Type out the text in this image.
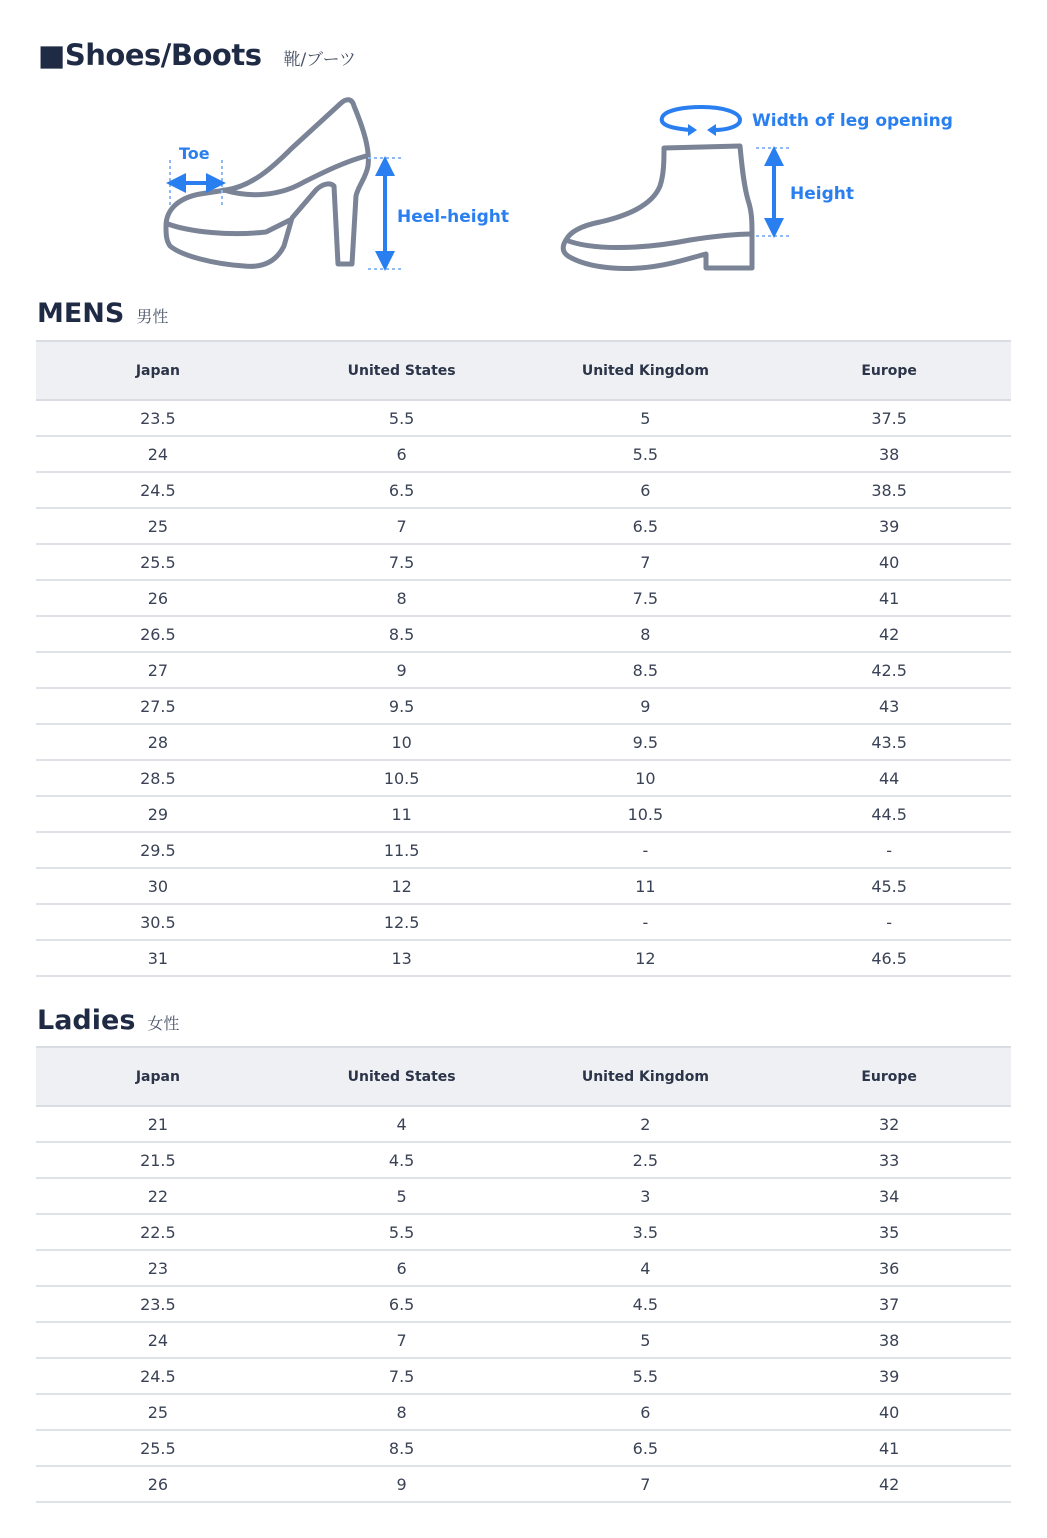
■Shoes/Boots 靴/ブーツ
Toe
Heel-height
Width of leg opening
Height
MENS 男性
Japan	United States	United Kingdom	Europe
23.5	5.5	5	37.5
24	6	5.5	38
24.5	6.5	6	38.5
25	7	6.5	39
25.5	7.5	7	40
26	8	7.5	41
26.5	8.5	8	42
27	9	8.5	42.5
27.5	9.5	9	43
28	10	9.5	43.5
28.5	10.5	10	44
29	11	10.5	44.5
29.5	11.5	-	-
30	12	11	45.5
30.5	12.5	-	-
31	13	12	46.5
Ladies 女性
Japan	United States	United Kingdom	Europe
21	4	2	32
21.5	4.5	2.5	33
22	5	3	34
22.5	5.5	3.5	35
23	6	4	36
23.5	6.5	4.5	37
24	7	5	38
24.5	7.5	5.5	39
25	8	6	40
25.5	8.5	6.5	41
26	9	7	42
